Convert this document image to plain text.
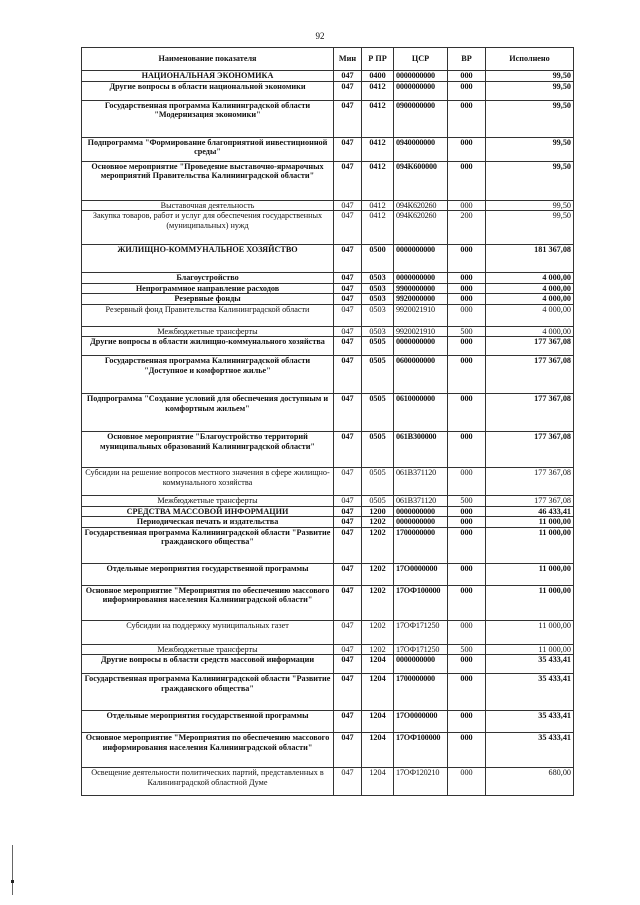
92
Наименование показателя	Мин	Р ПР	ЦСР	ВР	Исполнено
НАЦИОНАЛЬНАЯ ЭКОНОМИКА	047	0400	0000000000	000	99,50
Другие вопросы в области национальной экономики	047	0412	0000000000	000	99,50
Государственная программа Калининградской области "Модернизация экономики"	047	0412	0900000000	000	99,50
Подпрограмма "Формирование благоприятной инвестиционной среды"	047	0412	0940000000	000	99,50
Основное мероприятие "Проведение выставочно-ярмарочных мероприятий Правительства Калининградской области"	047	0412	094К600000	000	99,50
Выставочная деятельность	047	0412	094К620260	000	99,50
Закупка товаров, работ и услуг для обеспечения государственных (муниципальных) нужд	047	0412	094К620260	200	99,50
ЖИЛИЩНО-КОММУНАЛЬНОЕ ХОЗЯЙСТВО	047	0500	0000000000	000	181 367,08
Благоустройство	047	0503	0000000000	000	4 000,00
Непрограммное направление расходов	047	0503	9900000000	000	4 000,00
Резервные фонды	047	0503	9920000000	000	4 000,00
Резервный фонд Правительства Калининградской области	047	0503	9920021910	000	4 000,00
Межбюджетные трансферты	047	0503	9920021910	500	4 000,00
Другие вопросы в области жилищно-коммунального хозяйства	047	0505	0000000000	000	177 367,08
Государственная программа Калининградской области "Доступное и комфортное жилье"	047	0505	0600000000	000	177 367,08
Подпрограмма "Создание условий для обеспечения доступным и комфортным жильем"	047	0505	0610000000	000	177 367,08
Основное мероприятие "Благоустройство территорий муниципальных образований Калининградской области"	047	0505	061В300000	000	177 367,08
Субсидии на решение вопросов местного значения в сфере жилищно-коммунального хозяйства	047	0505	061В371120	000	177 367,08
Межбюджетные трансферты	047	0505	061В371120	500	177 367,08
СРЕДСТВА МАССОВОЙ ИНФОРМАЦИИ	047	1200	0000000000	000	46 433,41
Периодическая печать и издательства	047	1202	0000000000	000	11 000,00
Государственная программа Калининградской области "Развитие гражданского общества"	047	1202	1700000000	000	11 000,00
Отдельные мероприятия государственной программы	047	1202	17О0000000	000	11 000,00
Основное мероприятие "Мероприятия по обеспечению массового информирования населения Калининградской области"	047	1202	17ОФ100000	000	11 000,00
Субсидии на поддержку муниципальных газет	047	1202	17ОФ171250	000	11 000,00
Межбюджетные трансферты	047	1202	17ОФ171250	500	11 000,00
Другие вопросы в области средств массовой информации	047	1204	0000000000	000	35 433,41
Государственная программа Калининградской области "Развитие гражданского общества"	047	1204	1700000000	000	35 433,41
Отдельные мероприятия государственной программы	047	1204	17О0000000	000	35 433,41
Основное мероприятие "Мероприятия по обеспечению массового информирования населения Калининградской области"	047	1204	17ОФ100000	000	35 433,41
Освещение деятельности политических партий, представленных в Калининградской областной Думе	047	1204	17ОФ120210	000	680,00
